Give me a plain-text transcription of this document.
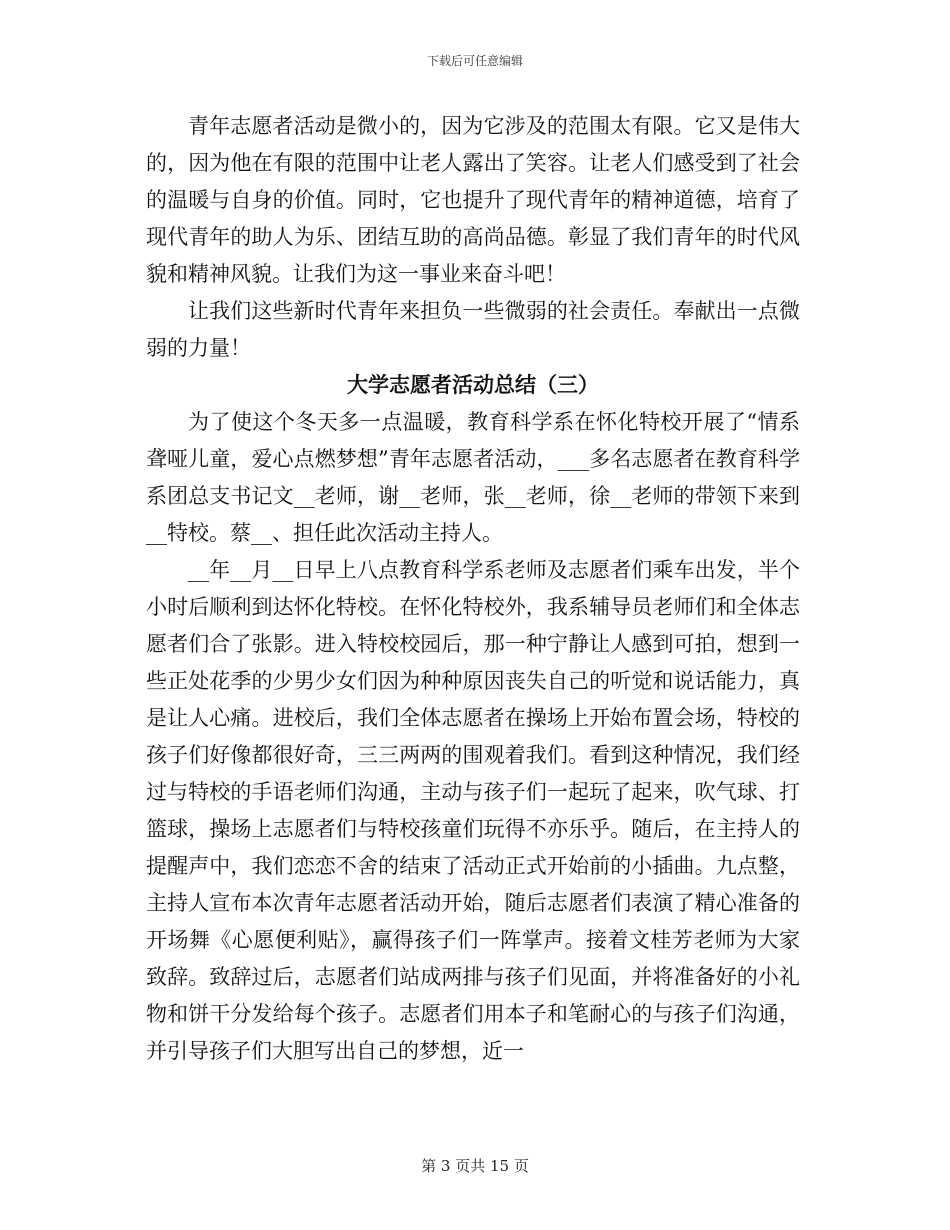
下载后可任意编辑

青年志愿者活动是微小的，因为它涉及的范围太有限。它又是伟大的，因为他在有限的范围中让老人露出了笑容。让老人们感受到了社会的温暖与自身的价值。同时，它也提升了现代青年的精神道德，培育了现代青年的助人为乐、团结互助的高尚品德。彰显了我们青年的时代风貌和精神风貌。让我们为这一事业来奋斗吧！

让我们这些新时代青年来担负一些微弱的社会责任。奉献出一点微弱的力量！

大学志愿者活动总结（三）

为了使这个冬天多一点温暖，教育科学系在怀化特校开展了“情系聋哑儿童，爱心点燃梦想”青年志愿者活动，___多名志愿者在教育科学系团总支书记文__老师，谢__老师，张__老师，徐__老师的带领下来到__特校。蔡__、担任此次活动主持人。

__年__月__日早上八点教育科学系老师及志愿者们乘车出发，半个小时后顺利到达怀化特校。在怀化特校外，我系辅导员老师们和全体志愿者们合了张影。进入特校校园后，那一种宁静让人感到可拍，想到一些正处花季的少男少女们因为种种原因丧失自己的听觉和说话能力，真是让人心痛。进校后，我们全体志愿者在操场上开始布置会场，特校的孩子们好像都很好奇，三三两两的围观着我们。看到这种情况，我们经过与特校的手语老师们沟通，主动与孩子们一起玩了起来，吹气球、打篮球，操场上志愿者们与特校孩童们玩得不亦乐乎。随后，在主持人的提醒声中，我们恋恋不舍的结束了活动正式开始前的小插曲。九点整，主持人宣布本次青年志愿者活动开始，随后志愿者们表演了精心准备的开场舞《心愿便利贴》，赢得孩子们一阵掌声。接着文桂芳老师为大家致辞。致辞过后，志愿者们站成两排与孩子们见面，并将准备好的小礼物和饼干分发给每个孩子。志愿者们用本子和笔耐心的与孩子们沟通，并引导孩子们大胆写出自己的梦想，近一

第 3 页共 15 页
